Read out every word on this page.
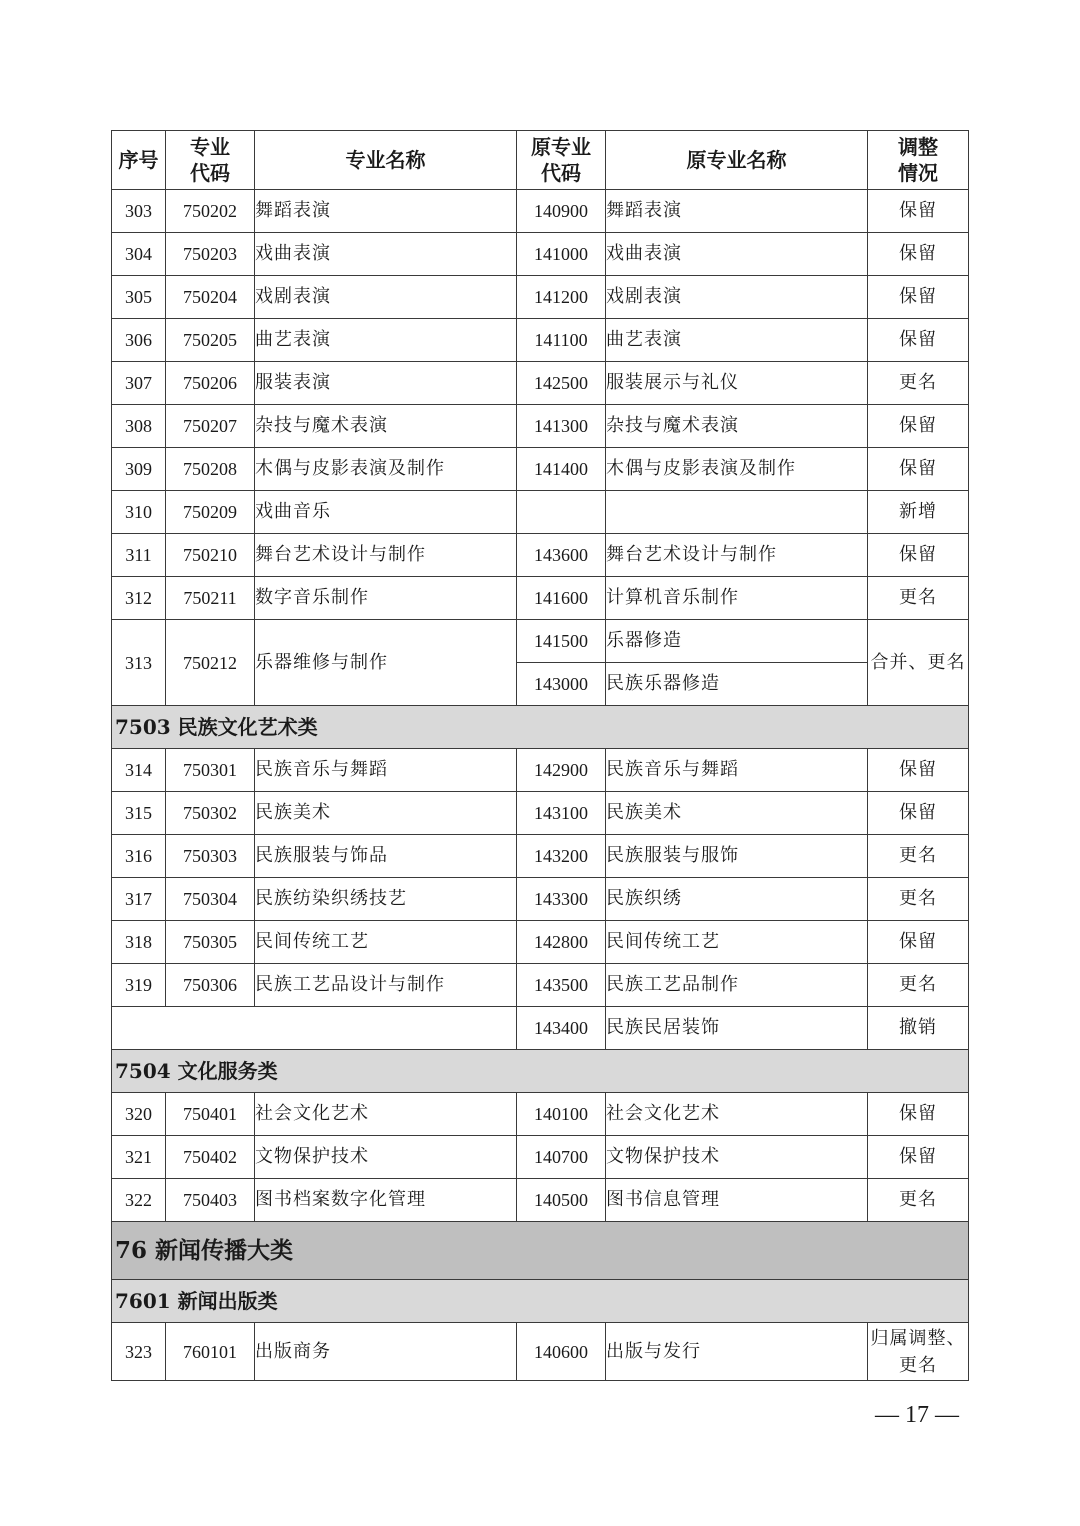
序号	专业代码	专业名称	原专业代码	原专业名称	调整情况
303	750202	舞蹈表演	140900	舞蹈表演	保留
304	750203	戏曲表演	141000	戏曲表演	保留
305	750204	戏剧表演	141200	戏剧表演	保留
306	750205	曲艺表演	141100	曲艺表演	保留
307	750206	服装表演	142500	服装展示与礼仪	更名
308	750207	杂技与魔术表演	141300	杂技与魔术表演	保留
309	750208	木偶与皮影表演及制作	141400	木偶与皮影表演及制作	保留
310	750209	戏曲音乐			新增
311	750210	舞台艺术设计与制作	143600	舞台艺术设计与制作	保留
312	750211	数字音乐制作	141600	计算机音乐制作	更名
313	750212	乐器维修与制作	141500	乐器修造	合并、更名
			143000	民族乐器修造	
7503 民族文化艺术类					
314	750301	民族音乐与舞蹈	142900	民族音乐与舞蹈	保留
315	750302	民族美术	143100	民族美术	保留
316	750303	民族服装与饰品	143200	民族服装与服饰	更名
317	750304	民族纺染织绣技艺	143300	民族织绣	更名
318	750305	民间传统工艺	142800	民间传统工艺	保留
319	750306	民族工艺品设计与制作	143500	民族工艺品制作	更名
			143400	民族民居装饰	撤销
7504 文化服务类					
320	750401	社会文化艺术	140100	社会文化艺术	保留
321	750402	文物保护技术	140700	文物保护技术	保留
322	750403	图书档案数字化管理	140500	图书信息管理	更名
76 新闻传播大类					
7601 新闻出版类					
323	760101	出版商务	140600	出版与发行	归属调整、更名
— 17 —
